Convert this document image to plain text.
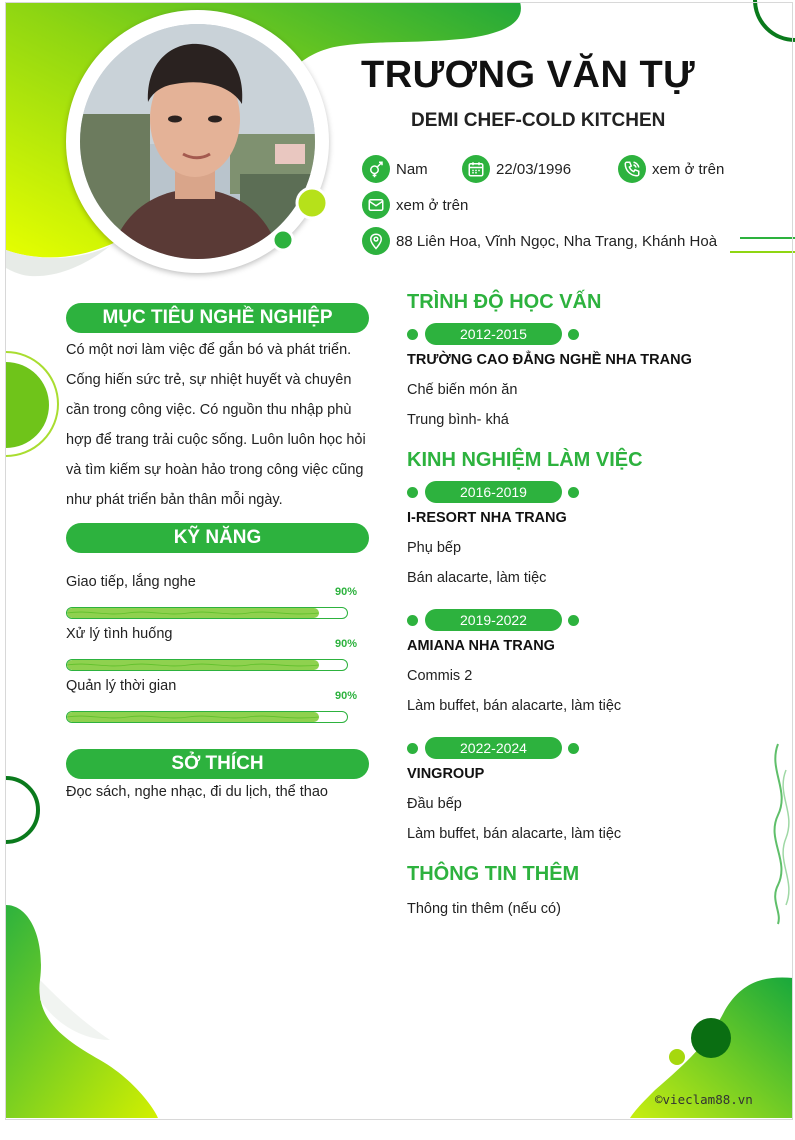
TRƯƠNG VĂN TỰ
DEMI CHEF-COLD KITCHEN
Nam	22/03/1996	xem ở trên
xem ở trên
88 Liên Hoa, Vĩnh Ngọc, Nha Trang, Khánh Hoà
MỤC TIÊU NGHỀ NGHIỆP
Có một nơi làm việc để gắn bó và phát triển. Cống hiến sức trẻ, sự nhiệt huyết và chuyên cần trong công việc. Có nguồn thu nhập phù hợp để trang trải cuộc sống. Luôn luôn học hỏi và tìm kiếm sự hoàn hảo trong công việc cũng như phát triển bản thân mỗi ngày.
KỸ NĂNG
Giao tiếp, lắng nghe
90%
Xử lý tình huống
90%
Quản lý thời gian
90%
SỞ THÍCH
Đọc sách, nghe nhạc, đi du lịch, thể thao
TRÌNH ĐỘ HỌC VẤN
2012-2015
TRƯỜNG CAO ĐẲNG NGHỀ NHA TRANG
Chế biến món ăn
Trung bình- khá
KINH NGHIỆM LÀM VIỆC
2016-2019
I-RESORT NHA TRANG
Phụ bếp
Bán alacarte, làm tiệc
2019-2022
AMIANA NHA TRANG
Commis 2
Làm buffet, bán alacarte, làm tiệc
2022-2024
VINGROUP
Đầu bếp
Làm buffet, bán alacarte, làm tiệc
THÔNG TIN THÊM
Thông tin thêm (nếu có)
©vieclam88.vn
